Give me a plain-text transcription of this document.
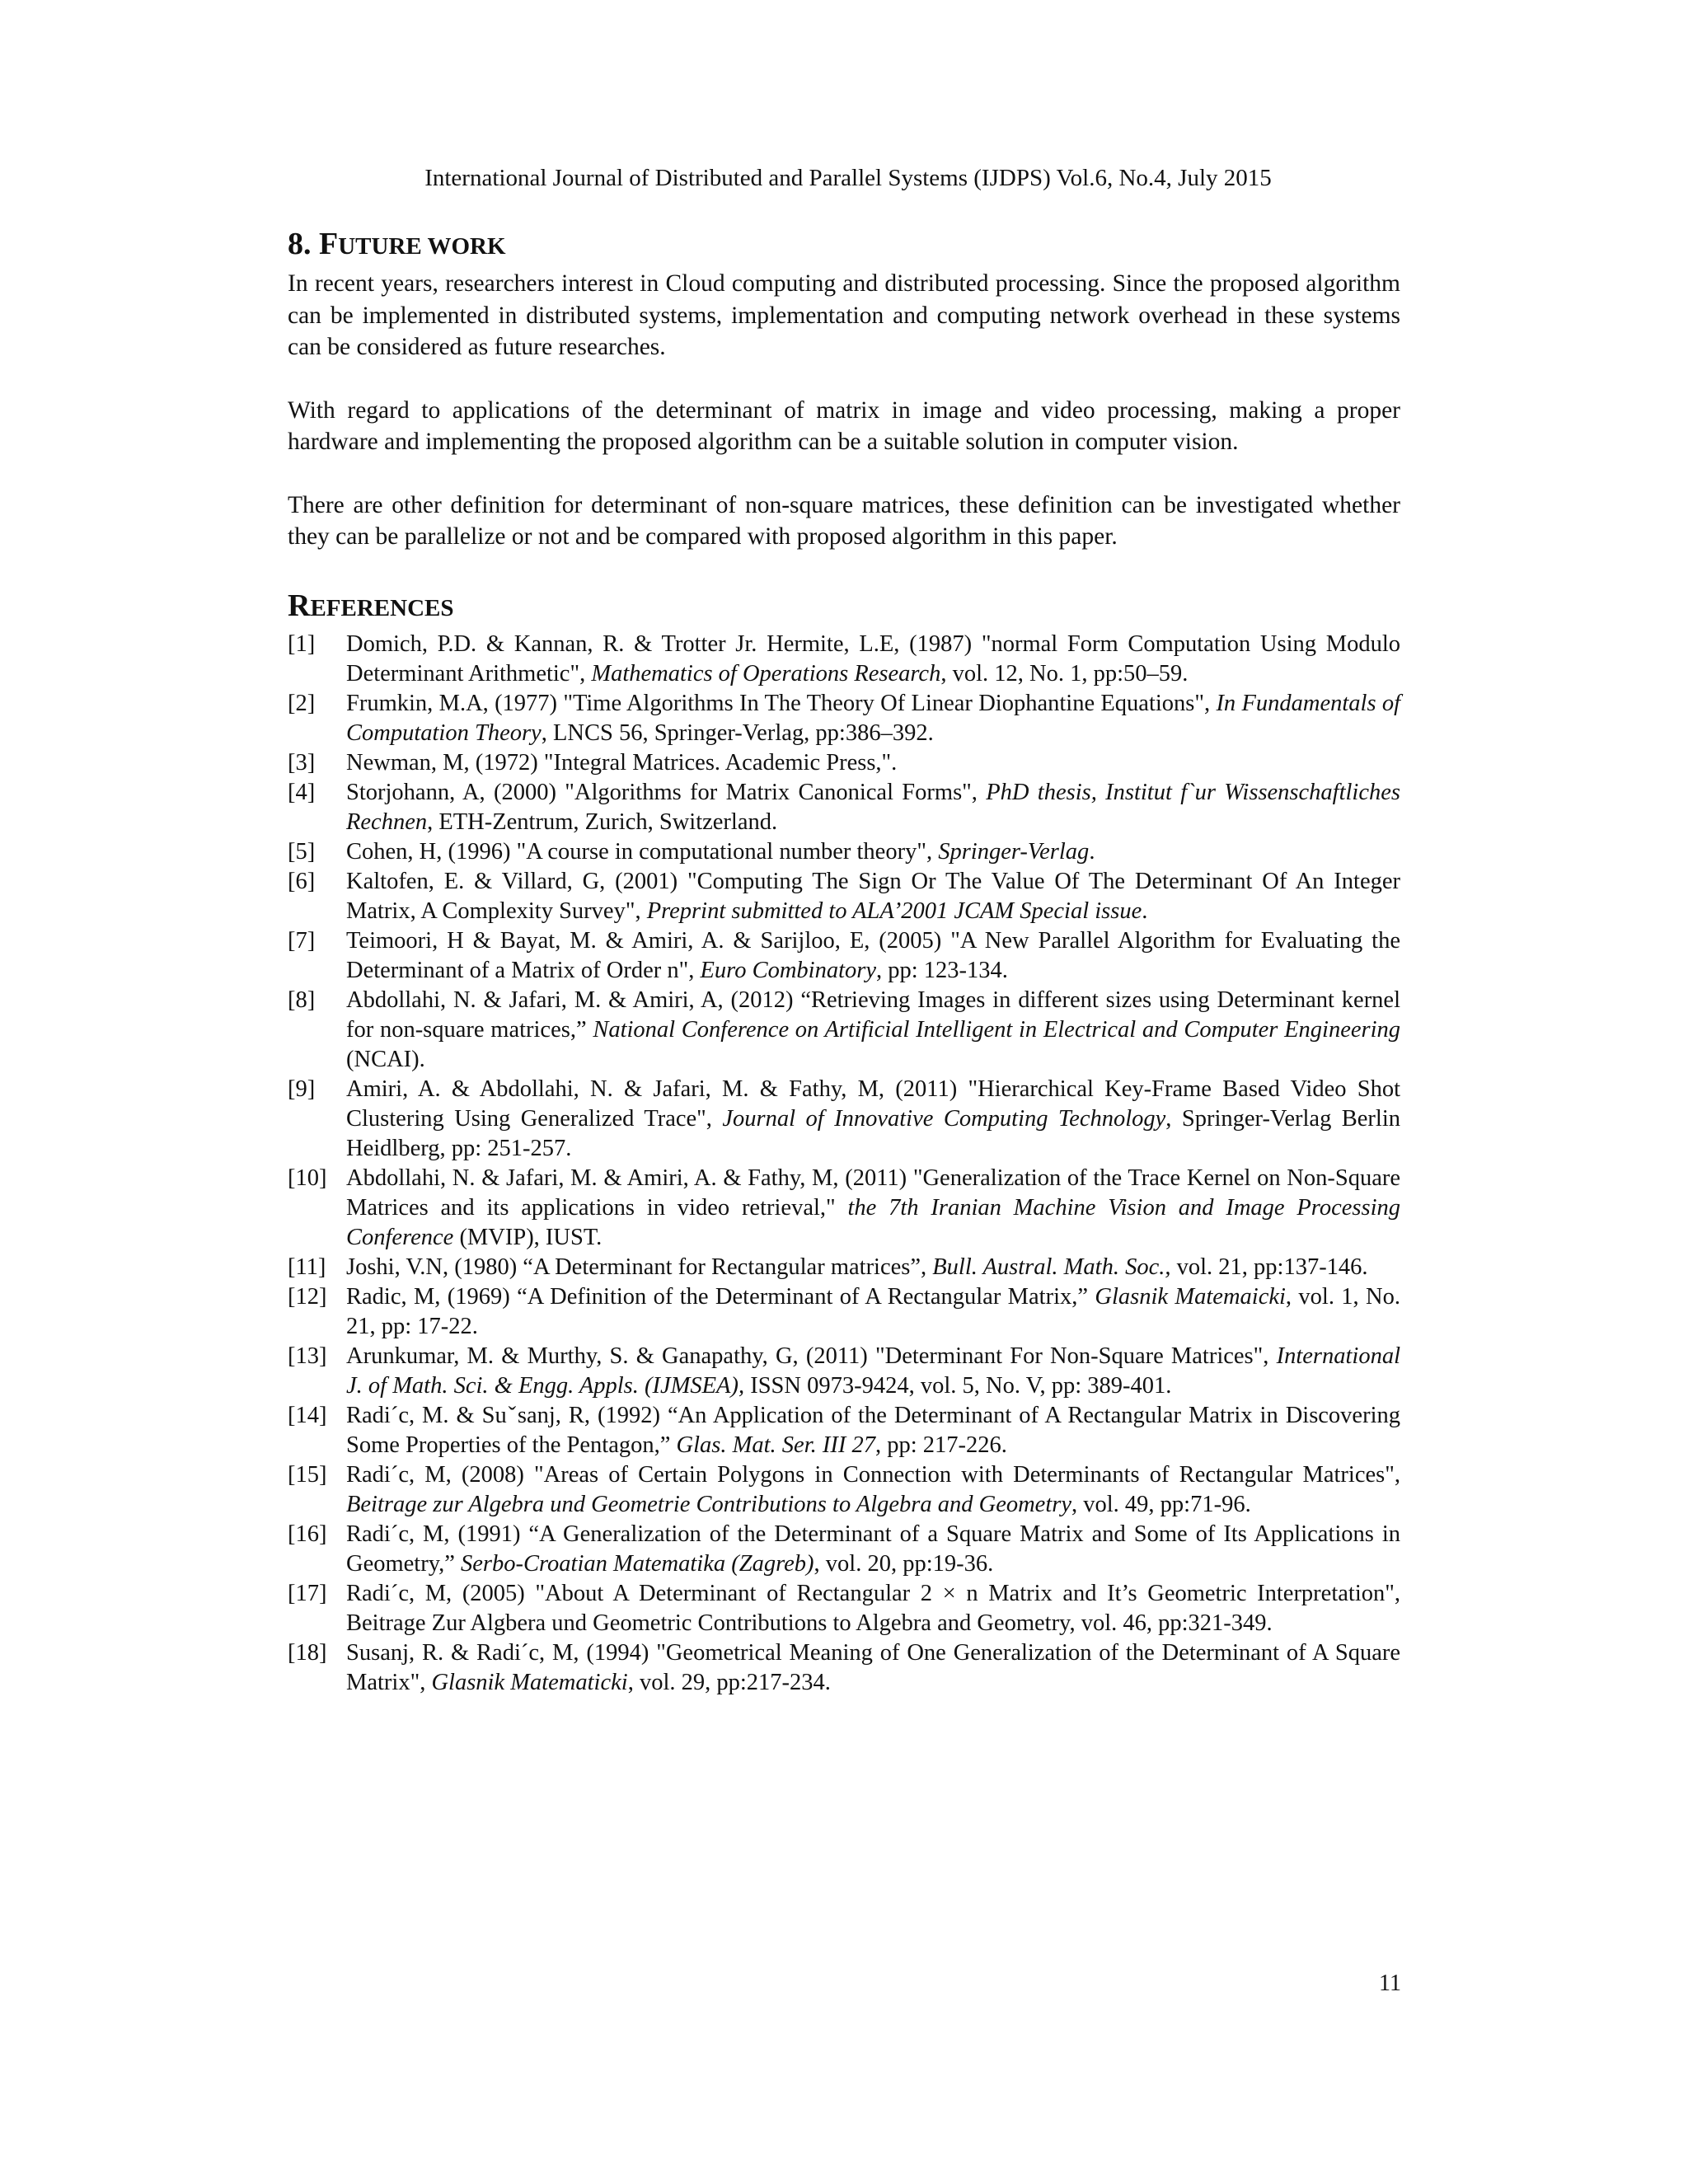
International Journal of Distributed and Parallel Systems (IJDPS) Vol.6, No.4, July 2015
8. FUTURE WORK

In recent years, researchers interest in Cloud computing and distributed processing. Since the proposed algorithm can be implemented in distributed systems, implementation and computing network overhead in these systems can be considered as future researches.

With regard to applications of the determinant of matrix in image and video processing, making a proper hardware and implementing the proposed algorithm can be a suitable solution in computer vision.

There are other definition for determinant of non-square matrices, these definition can be investigated whether they can be parallelize or not and be compared with proposed algorithm in this paper.

REFERENCES
[1] Domich, P.D. & Kannan, R. & Trotter Jr. Hermite, L.E, (1987) "normal Form Computation Using Modulo Determinant Arithmetic", Mathematics of Operations Research, vol. 12, No. 1, pp:50–59.
[2] Frumkin, M.A, (1977) "Time Algorithms In The Theory Of Linear Diophantine Equations", In Fundamentals of Computation Theory, LNCS 56, Springer-Verlag, pp:386–392.
[3] Newman, M, (1972) "Integral Matrices. Academic Press,".
[4] Storjohann, A, (2000) "Algorithms for Matrix Canonical Forms", PhD thesis, Institut f`ur Wissenschaftliches Rechnen, ETH-Zentrum, Zurich, Switzerland.
[5] Cohen, H, (1996) "A course in computational number theory", Springer-Verlag.
[6] Kaltofen, E. & Villard, G, (2001) "Computing The Sign Or The Value Of The Determinant Of An Integer Matrix, A Complexity Survey", Preprint submitted to ALA’2001 JCAM Special issue.
[7] Teimoori, H & Bayat, M. & Amiri, A. & Sarijloo, E, (2005) "A New Parallel Algorithm for Evaluating the Determinant of a Matrix of Order n", Euro Combinatory, pp: 123-134.
[8] Abdollahi, N. & Jafari, M. & Amiri, A, (2012) “Retrieving Images in different sizes using Determinant kernel for non-square matrices,” National Conference on Artificial Intelligent in Electrical and Computer Engineering (NCAI).
[9] Amiri, A. & Abdollahi, N. & Jafari, M. & Fathy, M, (2011) "Hierarchical Key-Frame Based Video Shot Clustering Using Generalized Trace", Journal of Innovative Computing Technology, Springer-Verlag Berlin Heidlberg, pp: 251-257.
[10] Abdollahi, N. & Jafari, M. & Amiri, A. & Fathy, M, (2011) "Generalization of the Trace Kernel on Non-Square Matrices and its applications in video retrieval," the 7th Iranian Machine Vision and Image Processing Conference (MVIP), IUST.
[11] Joshi, V.N, (1980) “A Determinant for Rectangular matrices”, Bull. Austral. Math. Soc., vol. 21, pp:137-146.
[12] Radic, M, (1969) “A Definition of the Determinant of A Rectangular Matrix,” Glasnik Matemaicki, vol. 1, No. 21, pp: 17-22.
[13] Arunkumar, M. & Murthy, S. & Ganapathy, G, (2011) "Determinant For Non-Square Matrices", International J. of Math. Sci. & Engg. Appls. (IJMSEA), ISSN 0973-9424, vol. 5, No. V, pp: 389-401.
[14] Radi´c, M. & Suˇsanj, R, (1992) “An Application of the Determinant of A Rectangular Matrix in Discovering Some Properties of the Pentagon,” Glas. Mat. Ser. III 27, pp: 217-226.
[15] Radi´c, M, (2008) "Areas of Certain Polygons in Connection with Determinants of Rectangular Matrices", Beitrage zur Algebra und Geometrie Contributions to Algebra and Geometry, vol. 49, pp:71-96.
[16] Radi´c, M, (1991) “A Generalization of the Determinant of a Square Matrix and Some of Its Applications in Geometry,” Serbo-Croatian Matematika (Zagreb), vol. 20, pp:19-36.
[17] Radi´c, M, (2005) "About A Determinant of Rectangular 2 × n Matrix and It’s Geometric Interpretation", Beitrage Zur Algbera und Geometric Contributions to Algebra and Geometry, vol. 46, pp:321-349.
[18] Susanj, R. & Radi´c, M, (1994) "Geometrical Meaning of One Generalization of the Determinant of A Square Matrix", Glasnik Matematicki, vol. 29, pp:217-234.
11
